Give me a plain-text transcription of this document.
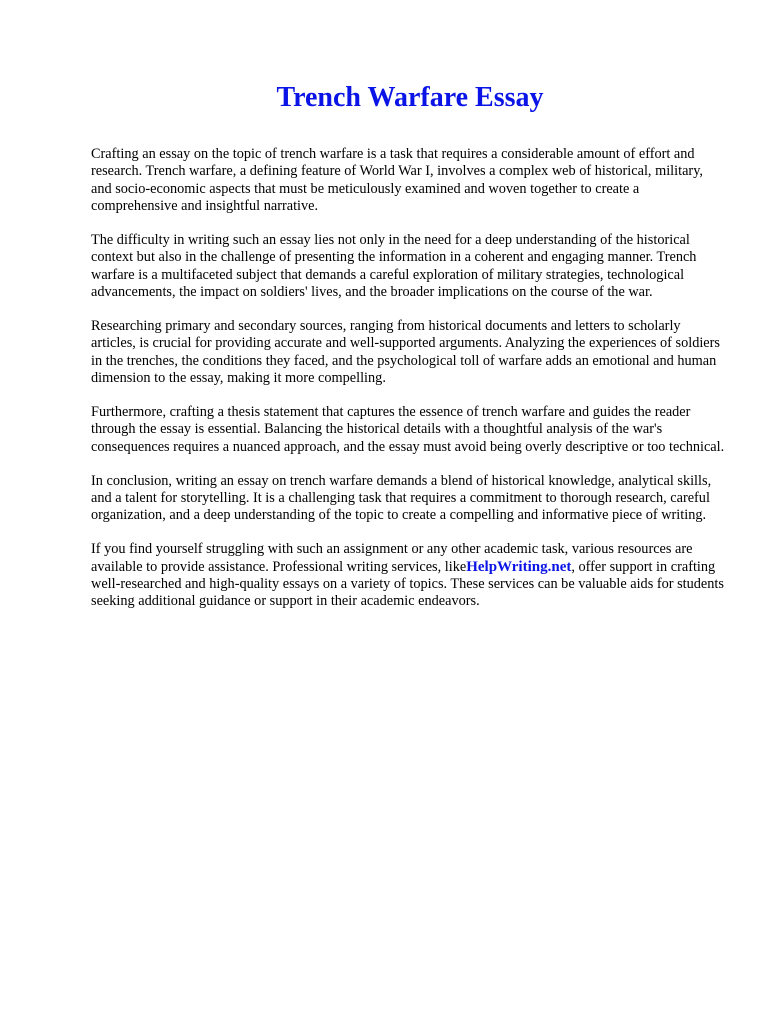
Trench Warfare Essay

Crafting an essay on the topic of trench warfare is a task that requires a considerable amount of effort and research. Trench warfare, a defining feature of World War I, involves a complex web of historical, military, and socio-economic aspects that must be meticulously examined and woven together to create a comprehensive and insightful narrative.

The difficulty in writing such an essay lies not only in the need for a deep understanding of the historical context but also in the challenge of presenting the information in a coherent and engaging manner. Trench warfare is a multifaceted subject that demands a careful exploration of military strategies, technological advancements, the impact on soldiers' lives, and the broader implications on the course of the war.

Researching primary and secondary sources, ranging from historical documents and letters to scholarly articles, is crucial for providing accurate and well-supported arguments. Analyzing the experiences of soldiers in the trenches, the conditions they faced, and the psychological toll of warfare adds an emotional and human dimension to the essay, making it more compelling.

Furthermore, crafting a thesis statement that captures the essence of trench warfare and guides the reader through the essay is essential. Balancing the historical details with a thoughtful analysis of the war's consequences requires a nuanced approach, and the essay must avoid being overly descriptive or too technical.

In conclusion, writing an essay on trench warfare demands a blend of historical knowledge, analytical skills, and a talent for storytelling. It is a challenging task that requires a commitment to thorough research, careful organization, and a deep understanding of the topic to create a compelling and informative piece of writing.

If you find yourself struggling with such an assignment or any other academic task, various resources are available to provide assistance. Professional writing services, likeHelpWriting.net, offer support in crafting well-researched and high-quality essays on a variety of topics. These services can be valuable aids for students seeking additional guidance or support in their academic endeavors.
